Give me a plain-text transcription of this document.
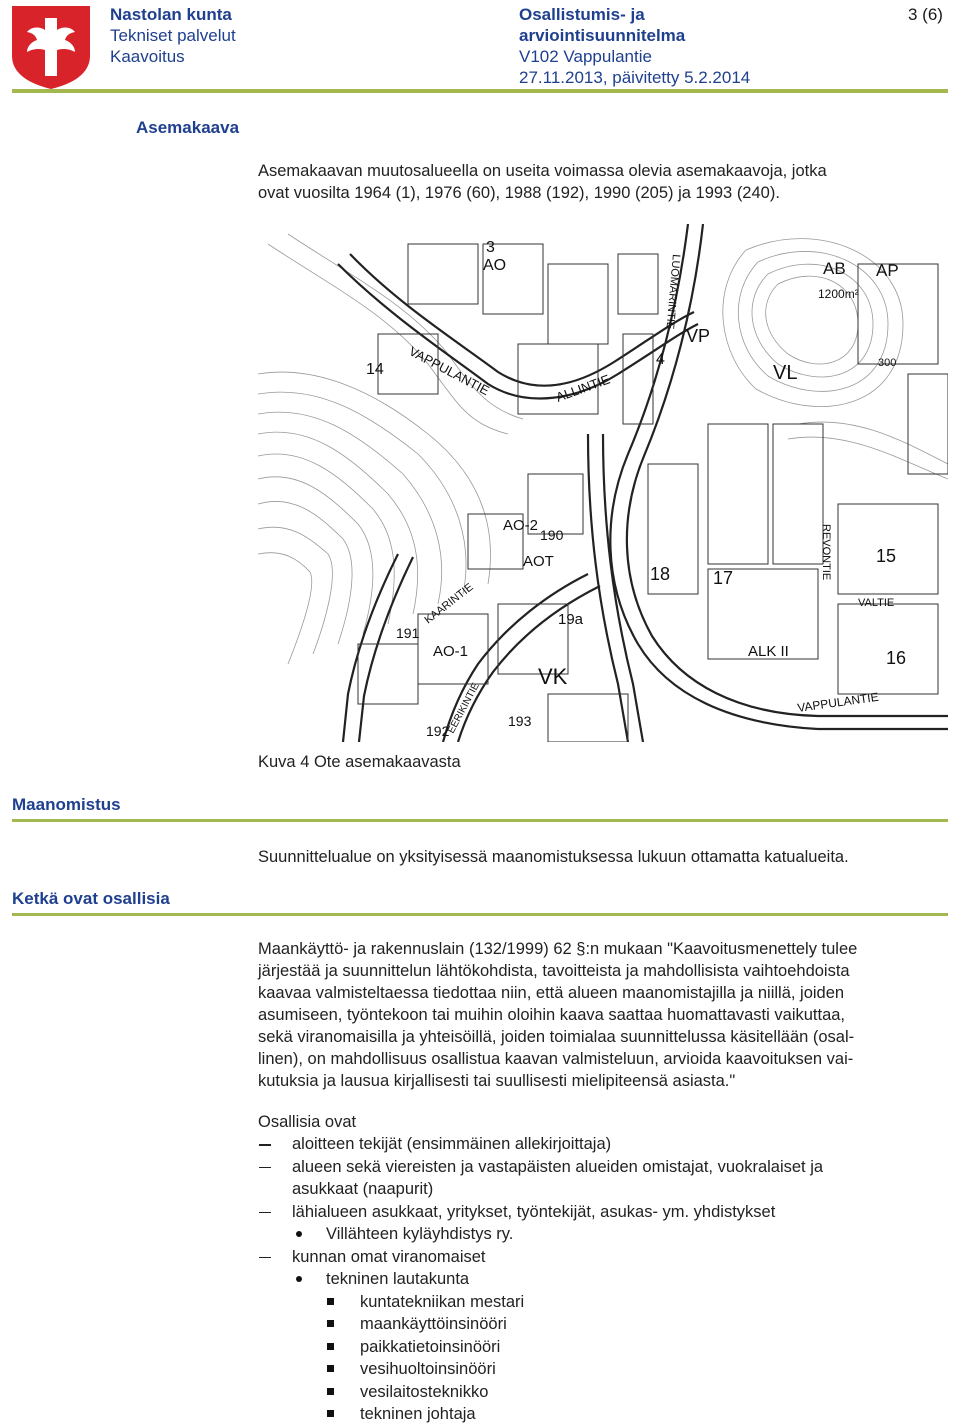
Nastolan kunta
Tekniset palvelut
Kaavoitus
Osallistumis- ja
arviointisuunnitelma
V102 Vappulantie
27.11.2013, päivitetty 5.2.2014
3 (6)
Asemakaava
Asemakaavan muutosalueella on useita voimassa olevia asemakaavoja, jotka
ovat vuosilta 1964 (1), 1976 (60), 1988 (192), 1990 (205) ja 1993 (240).
VAPPULANTIE
VAPPULANTIE
ALLINTIE
LUOMARINTIE
REVONTIE
KAARINTIE
EERIKINTIE
VALTIE
VL
VK
VP
AB AP
ALK II
AO
AO-1
AO-2
AOT
3
4
14
15
16
17
18
19a
190
191
192
193
1200m²
300
Kuva 4 Ote asemakaavasta
Maanomistus
Suunnittelualue on yksityisessä maanomistuksessa lukuun ottamatta katualueita.
Ketkä ovat osallisia
Maankäyttö- ja rakennuslain (132/1999) 62 §:n mukaan "Kaavoitusmenettely tulee
järjestää ja suunnittelun lähtökohdista, tavoitteista ja mahdollisista vaihtoehdoista
kaavaa valmisteltaessa tiedottaa niin, että alueen maanomistajilla ja niillä, joiden
asumiseen, työntekoon tai muihin oloihin kaava saattaa huomattavasti vaikuttaa,
sekä viranomaisilla ja yhteisöillä, joiden toimialaa suunnittelussa käsitellään (osal-
linen), on mahdollisuus osallistua kaavan valmisteluun, arvioida kaavoituksen vai-
kutuksia ja lausua kirjallisesti tai suullisesti mielipiteensä asiasta."
Osallisia ovat
aloitteen tekijät (ensimmäinen allekirjoittaja)
alueen sekä viereisten ja vastapäisten alueiden omistajat, vuokralaiset ja
asukkaat (naapurit)
lähialueen asukkaat, yritykset, työntekijät, asukas- ym. yhdistykset
Villähteen kyläyhdistys ry.
kunnan omat viranomaiset
tekninen lautakunta
kuntatekniikan mestari
maankäyttöinsinööri
paikkatietoinsinööri
vesihuoltoinsinööri
vesilaitosteknikko
tekninen johtaja
